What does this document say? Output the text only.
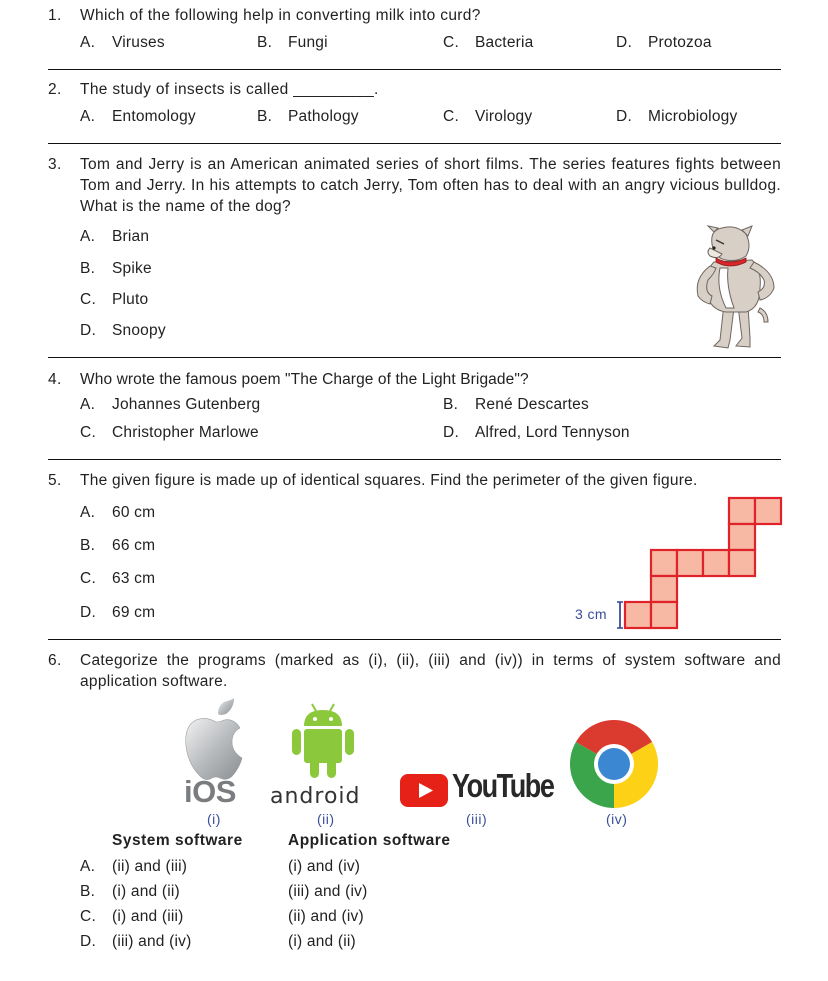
1. Which of the following help in converting milk into curd?
A. Viruses	B. Fungi	C. Bacteria	D. Protozoa
2. The study of insects is called _________.
A. Entomology	B. Pathology	C. Virology	D. Microbiology
3. Tom and Jerry is an American animated series of short films. The series features fights between Tom and Jerry. In his attempts to catch Jerry, Tom often has to deal with an angry vicious bulldog. What is the name of the dog?
A. Brian
B. Spike
C. Pluto
D. Snoopy
4. Who wrote the famous poem "The Charge of the Light Brigade"?
A. Johannes Gutenberg	B. René Descartes
C. Christopher Marlowe	D. Alfred, Lord Tennyson
5. The given figure is made up of identical squares. Find the perimeter of the given figure.
A. 60 cm
B. 66 cm
C. 63 cm
D. 69 cm	3 cm
6. Categorize the programs (marked as (i), (ii), (iii) and (iv)) in terms of system software and application software.
iOS
(i)
android
(ii)
YouTube
(iii)	(iv)
System software	Application software
A. (ii) and (iii)	(i) and (iv)
B. (i) and (ii)	(iii) and (iv)
C. (i) and (iii)	(ii) and (iv)
D. (iii) and (iv)	(i) and (ii)
